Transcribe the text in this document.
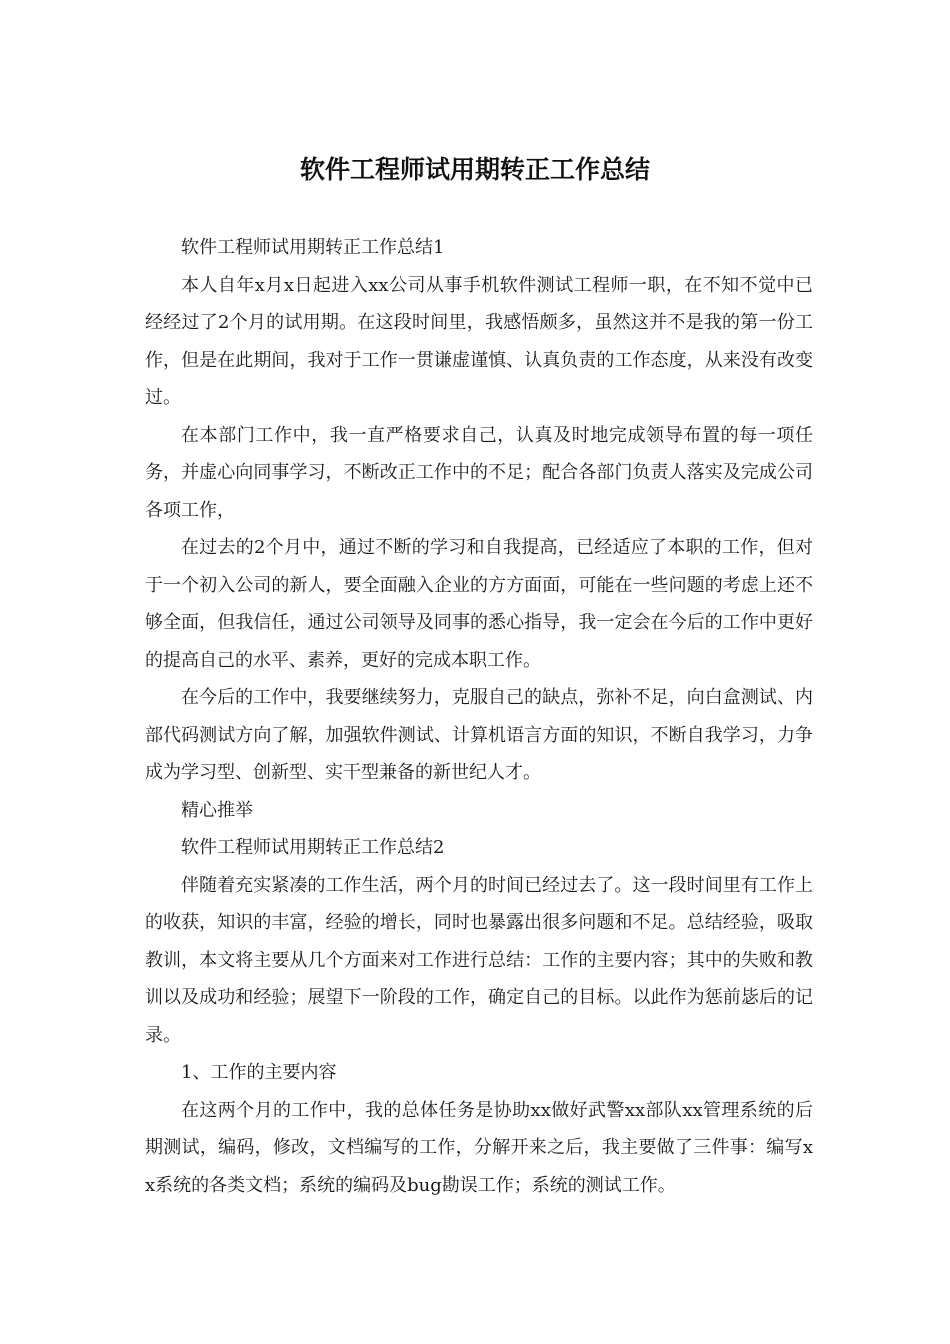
软件工程师试用期转正工作总结

软件工程师试用期转正工作总结1

本人自年x月x日起进入xx公司从事手机软件测试工程师一职，在不知不觉中已经经过了2个月的试用期。在这段时间里，我感悟颇多，虽然这并不是我的第一份工作，但是在此期间，我对于工作一贯谦虚谨慎、认真负责的工作态度，从来没有改变过。

在本部门工作中，我一直严格要求自己，认真及时地完成领导布置的每一项任务，并虚心向同事学习，不断改正工作中的不足；配合各部门负责人落实及完成公司各项工作，

在过去的2个月中，通过不断的学习和自我提高，已经适应了本职的工作，但对于一个初入公司的新人，要全面融入企业的方方面面，可能在一些问题的考虑上还不够全面，但我信任，通过公司领导及同事的悉心指导，我一定会在今后的工作中更好的提高自己的水平、素养，更好的完成本职工作。

在今后的工作中，我要继续努力，克服自己的缺点，弥补不足，向白盒测试、内部代码测试方向了解，加强软件测试、计算机语言方面的知识，不断自我学习，力争成为学习型、创新型、实干型兼备的新世纪人才。

精心推举

软件工程师试用期转正工作总结2

伴随着充实紧凑的工作生活，两个月的时间已经过去了。这一段时间里有工作上的收获，知识的丰富，经验的增长，同时也暴露出很多问题和不足。总结经验，吸取教训，本文将主要从几个方面来对工作进行总结：工作的主要内容；其中的失败和教训以及成功和经验；展望下一阶段的工作，确定自己的目标。以此作为惩前毖后的记录。

1、工作的主要内容

在这两个月的工作中，我的总体任务是协助xx做好武警xx部队xx管理系统的后期测试，编码，修改，文档编写的工作，分解开来之后，我主要做了三件事：编写xx系统的各类文档；系统的编码及bug勘误工作；系统的测试工作。
